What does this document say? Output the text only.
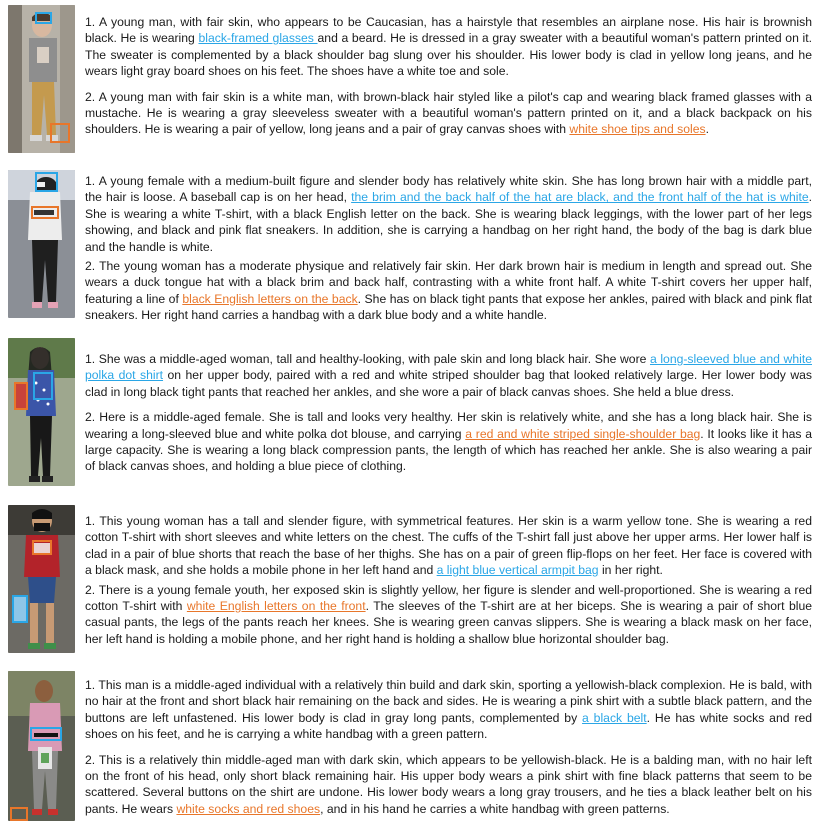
1. A young man, with fair skin, who appears to be Caucasian, has a hairstyle that resembles an airplane nose. His hair is brownish black. He is wearing black-framed glasses and a beard. He is dressed in a gray sweater with a beautiful woman's pattern printed on it. The sweater is complemented by a black shoulder bag slung over his shoulder. His lower body is clad in yellow long jeans, and he wears light gray board shoes on his feet. The shoes have a white toe and sole.

2. A young man with fair skin is a white man, with brown-black hair styled like a pilot's cap and wearing black framed glasses with a mustache. He is wearing a gray sleeveless sweater with a beautiful woman's pattern printed on it, and a black backpack on his shoulders. He is wearing a pair of yellow, long jeans and a pair of gray canvas shoes with white shoe tips and soles.

1. A young female with a medium-built figure and slender body has relatively white skin. She has long brown hair with a middle part, the hair is loose. A baseball cap is on her head, the brim and the back half of the hat are black, and the front half of the hat is white. She is wearing a white T-shirt, with a black English letter on the back. She is wearing black leggings, with the lower part of her legs showing, and black and pink flat sneakers. In addition, she is carrying a handbag on her right hand, the body of the bag is dark blue and the handle is white.

2. The young woman has a moderate physique and relatively fair skin. Her dark brown hair is medium in length and spread out. She wears a duck tongue hat with a black brim and back half, contrasting with a white front half. A white T-shirt covers her upper half, featuring a line of black English letters on the back. She has on black tight pants that expose her ankles, paired with black and pink flat sneakers. Her right hand carries a handbag with a dark blue body and a white handle.

1. She was a middle-aged woman, tall and healthy-looking, with pale skin and long black hair. She wore a long-sleeved blue and white polka dot shirt on her upper body, paired with a red and white striped shoulder bag that looked relatively large. Her lower body was clad in long black tight pants that reached her ankles, and she wore a pair of black canvas shoes. She held a blue dress.

2. Here is a middle-aged female. She is tall and looks very healthy. Her skin is relatively white, and she has a long black hair. She is wearing a long-sleeved blue and white polka dot blouse, and carrying a red and white striped single-shoulder bag. It looks like it has a large capacity. She is wearing a long black compression pants, the length of which has reached her ankle. She is also wearing a pair of black canvas shoes, and holding a blue piece of clothing.

1. This young woman has a tall and slender figure, with symmetrical features. Her skin is a warm yellow tone. She is wearing a red cotton T-shirt with short sleeves and white letters on the chest. The cuffs of the T-shirt fall just above her upper arms. Her lower half is clad in a pair of blue shorts that reach the base of her thighs. She has on a pair of green flip-flops on her feet. Her face is covered with a black mask, and she holds a mobile phone in her left hand and a light blue vertical armpit bag in her right.

2. There is a young female youth, her exposed skin is slightly yellow, her figure is slender and well-proportioned. She is wearing a red cotton T-shirt with white English letters on the front. The sleeves of the T-shirt are at her biceps. She is wearing a pair of short blue casual pants, the legs of the pants reach her knees. She is wearing green canvas slippers. She is wearing a black mask on her face, her left hand is holding a mobile phone, and her right hand is holding a shallow blue horizontal shoulder bag.

1. This man is a middle-aged individual with a relatively thin build and dark skin, sporting a yellowish-black complexion. He is bald, with no hair at the front and short black hair remaining on the back and sides. He is wearing a pink shirt with a subtle black pattern, and the buttons are left unfastened. His lower body is clad in gray long pants, complemented by a black belt. He has white socks and red shoes on his feet, and he is carrying a white handbag with a green pattern.

2. This is a relatively thin middle-aged man with dark skin, which appears to be yellowish-black. He is a balding man, with no hair left on the front of his head, only short black remaining hair. His upper body wears a pink shirt with fine black patterns that seem to be scattered. Several buttons on the shirt are undone. His lower body wears a long gray trousers, and he ties a black leather belt on his pants. He wears white socks and red shoes, and in his hand he carries a white handbag with green patterns.
